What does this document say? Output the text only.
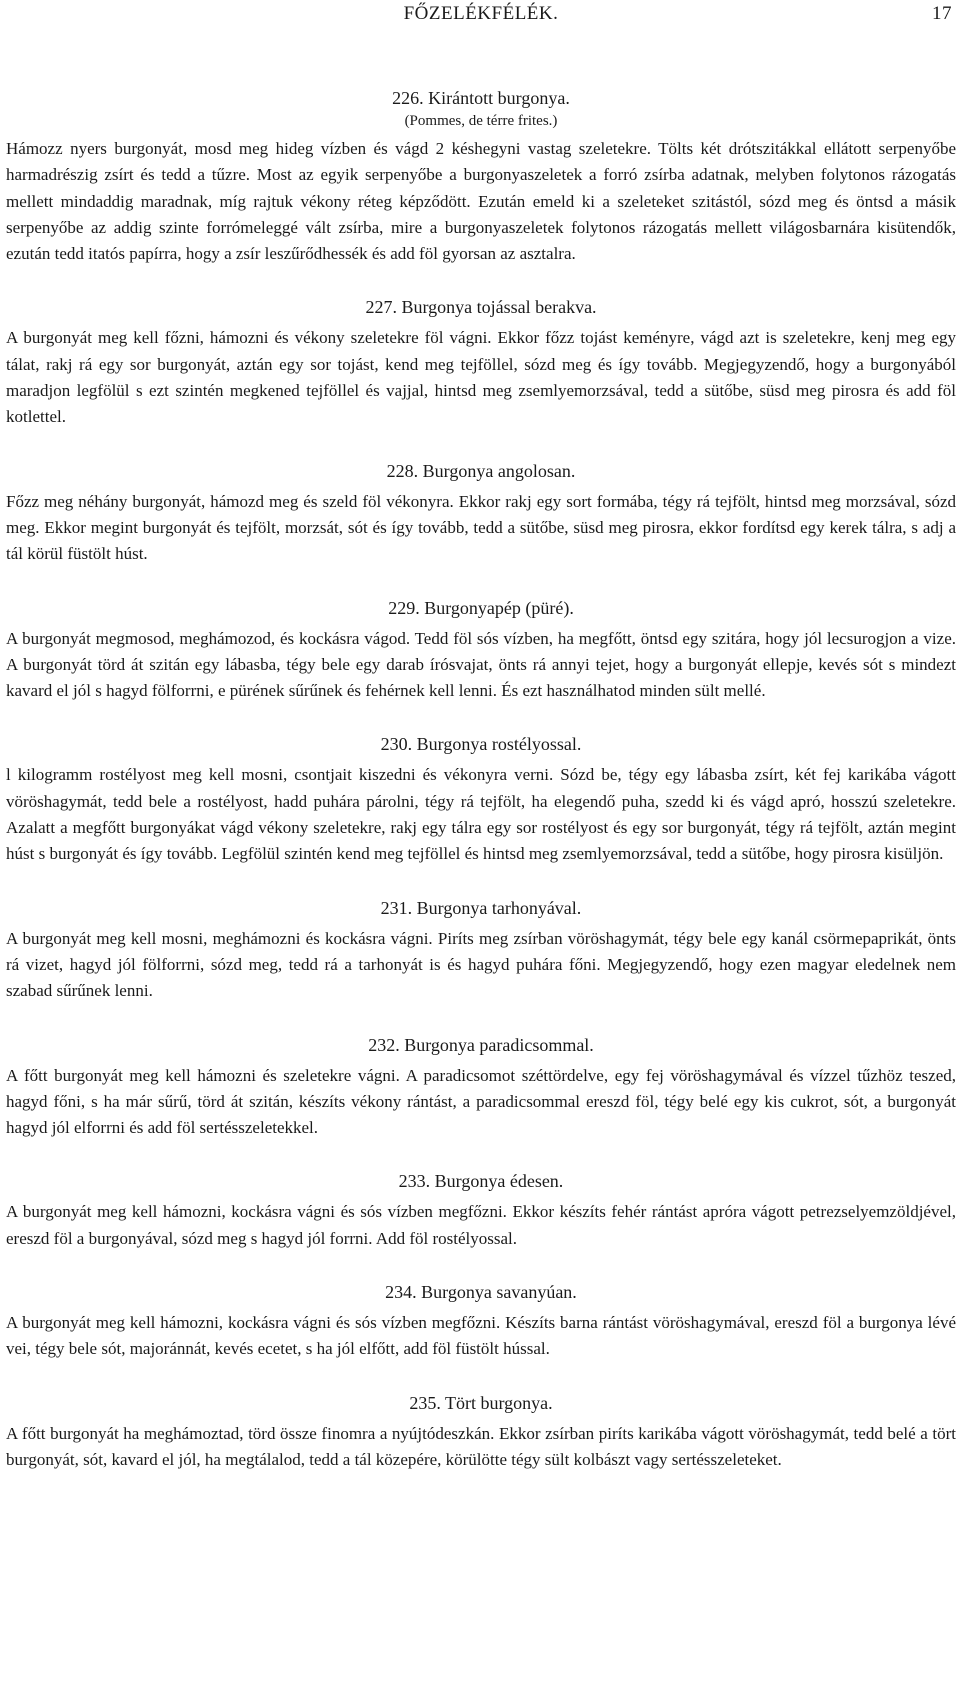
FŐZELÉKFÉLÉK.	17

226. Kirántott burgonya.

(Pommes, de térre frites.)

Hámozz nyers burgonyát, mosd meg hideg vízben és vágd 2 késhegyni vastag szeletekre. Tölts két drótszitákkal ellátott serpenyőbe harmadrészig zsírt és tedd a tűzre. Most az egyik serpenyőbe a burgonyaszeletek a forró zsírba adatnak, melyben folytonos rázogatás mellett mindaddig maradnak, míg rajtuk vékony réteg képződött. Ezután emeld ki a szeleteket szitástól, sózd meg és öntsd a másik serpenyőbe az addig szinte forrómeleggé vált zsírba, mire a burgonyaszeletek folytonos rázogatás mellett világosbarnára kisütendők, ezután tedd itatós papírra, hogy a zsír leszűrődhessék és add föl gyorsan az asztalra.

227. Burgonya tojással berakva.

A burgonyát meg kell főzni, hámozni és vékony szeletekre föl vágni. Ekkor főzz tojást keményre, vágd azt is szeletekre, kenj meg egy tálat, rakj rá egy sor burgonyát, aztán egy sor tojást, kend meg tejföllel, sózd meg és így tovább. Megjegyzendő, hogy a burgonyából maradjon legfölül s ezt szintén megkened tejföllel és vajjal, hintsd meg zsemlyemorzsával, tedd a sütőbe, süsd meg pirosra és add föl kotlettel.

228. Burgonya angolosan.

Főzz meg néhány burgonyát, hámozd meg és szeld föl vékonyra. Ekkor rakj egy sort formába, tégy rá tejfölt, hintsd meg morzsával, sózd meg. Ekkor megint burgonyát és tejfölt, morzsát, sót és így tovább, tedd a sütőbe, süsd meg pirosra, ekkor fordítsd egy kerek tálra, s adj a tál körül füstölt húst.

229. Burgonyapép (püré).

A burgonyát megmosod, meghámozod, és kockásra vágod. Tedd föl sós vízben, ha megfőtt, öntsd egy szitára, hogy jól lecsurogjon a vize. A burgonyát törd át szitán egy lábasba, tégy bele egy darab írósvajat, önts rá annyi tejet, hogy a burgonyát ellepje, kevés sót s mindezt kavard el jól s hagyd fölforrni, e pürének sűrűnek és fehérnek kell lenni. És ezt használhatod minden sült mellé.

230. Burgonya rostélyossal.

l kilogramm rostélyost meg kell mosni, csontjait kiszedni és vékonyra verni. Sózd be, tégy egy lábasba zsírt, két fej karikába vágott vöröshagymát, tedd bele a rostélyost, hadd puhára párolni, tégy rá tejfölt, ha elegendő puha, szedd ki és vágd apró, hosszú szeletekre. Azalatt a megfőtt burgonyákat vágd vékony szeletekre, rakj egy tálra egy sor rostélyost és egy sor burgonyát, tégy rá tejfölt, aztán megint húst s burgonyát és így tovább. Legfölül szintén kend meg tejföllel és hintsd meg zsemlyemorzsával, tedd a sütőbe, hogy pirosra kisüljön.

231. Burgonya tarhonyával.

A burgonyát meg kell mosni, meghámozni és kockásra vágni. Piríts meg zsírban vöröshagymát, tégy bele egy kanál csörmepaprikát, önts rá vizet, hagyd jól fölforrni, sózd meg, tedd rá a tarhonyát is és hagyd puhára főni. Megjegyzendő, hogy ezen magyar eledelnek nem szabad sűrűnek lenni.

232. Burgonya paradicsommal.

A főtt burgonyát meg kell hámozni és szeletekre vágni. A paradicsomot széttördelve, egy fej vöröshagymával és vízzel tűzhöz teszed, hagyd főni, s ha már sűrű, törd át szitán, készíts vékony rántást, a paradicsommal ereszd föl, tégy belé egy kis cukrot, sót, a burgonyát hagyd jól elforrni és add föl sertésszeletekkel.

233. Burgonya édesen.

A burgonyát meg kell hámozni, kockásra vágni és sós vízben megfőzni. Ekkor készíts fehér rántást apróra vágott petrezselyemzöldjével, ereszd föl a burgonyával, sózd meg s hagyd jól forrni. Add föl rostélyossal.

234. Burgonya savanyúan.

A burgonyát meg kell hámozni, kockásra vágni és sós vízben megfőzni. Készíts barna rántást vöröshagymával, ereszd föl a burgonya lévé vei, tégy bele sót, majoránnát, kevés ecetet, s ha jól elfőtt, add föl füstölt hússal.

235. Tört burgonya.

A főtt burgonyát ha meghámoztad, törd össze finomra a nyújtódeszkán. Ekkor zsírban piríts karikába vágott vöröshagymát, tedd belé a tört burgonyát, sót, kavard el jól, ha megtálalod, tedd a tál közepére, körülötte tégy sült kolbászt vagy sertésszeleteket.
